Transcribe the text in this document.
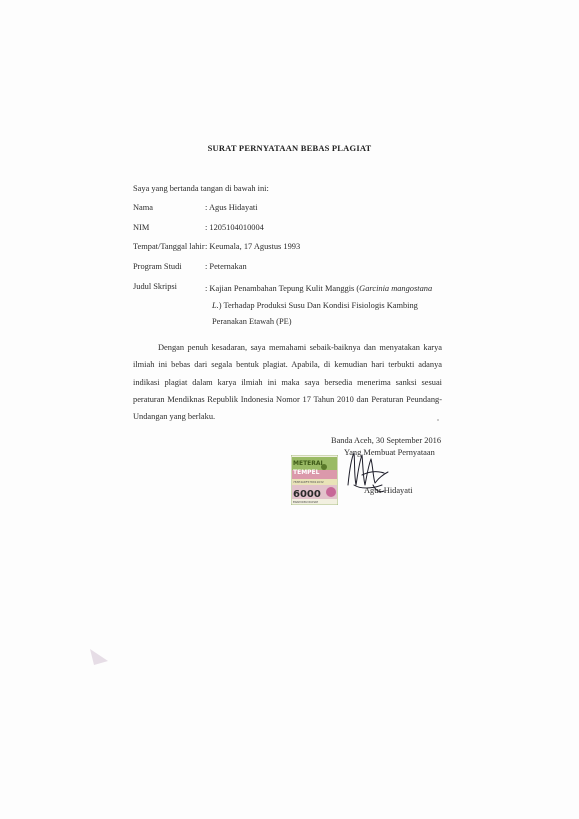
SURAT PERNYATAAN BEBAS PLAGIAT
Saya yang bertanda tangan di bawah ini:
Nama	: Agus Hidayati
NIM	: 1205104010004
Tempat/Tanggal lahir : Keumala, 17 Agustus 1993
Program Studi	: Peternakan
Judul Skripsi	: Kajian Penambahan Tepung Kulit Manggis (Garcinia mangostana
L.) Terhadap Produksi Susu Dan Kondisi Fisiologis Kambing
Peranakan Etawah (PE)
Dengan penuh kesadaran, saya memahami sebaik-baiknya dan menyatakan karya ilmiah ini bebas dari segala bentuk plagiat. Apabila, di kemudian hari terbukti adanya indikasi plagiat dalam karya ilmiah ini maka saya bersedia menerima sanksi sesuai peraturan Mendiknas Republik Indonesia Nomor 17 Tahun 2010 dan Peraturan Peundang-Undangan yang berlaku.
Banda Aceh, 30 September 2016
Yang Membuat Pernyataan
METERAI
TEMPEL
783E4ADF578911632
6000
ENAM RIBU RUPIAH
Agus Hidayati
